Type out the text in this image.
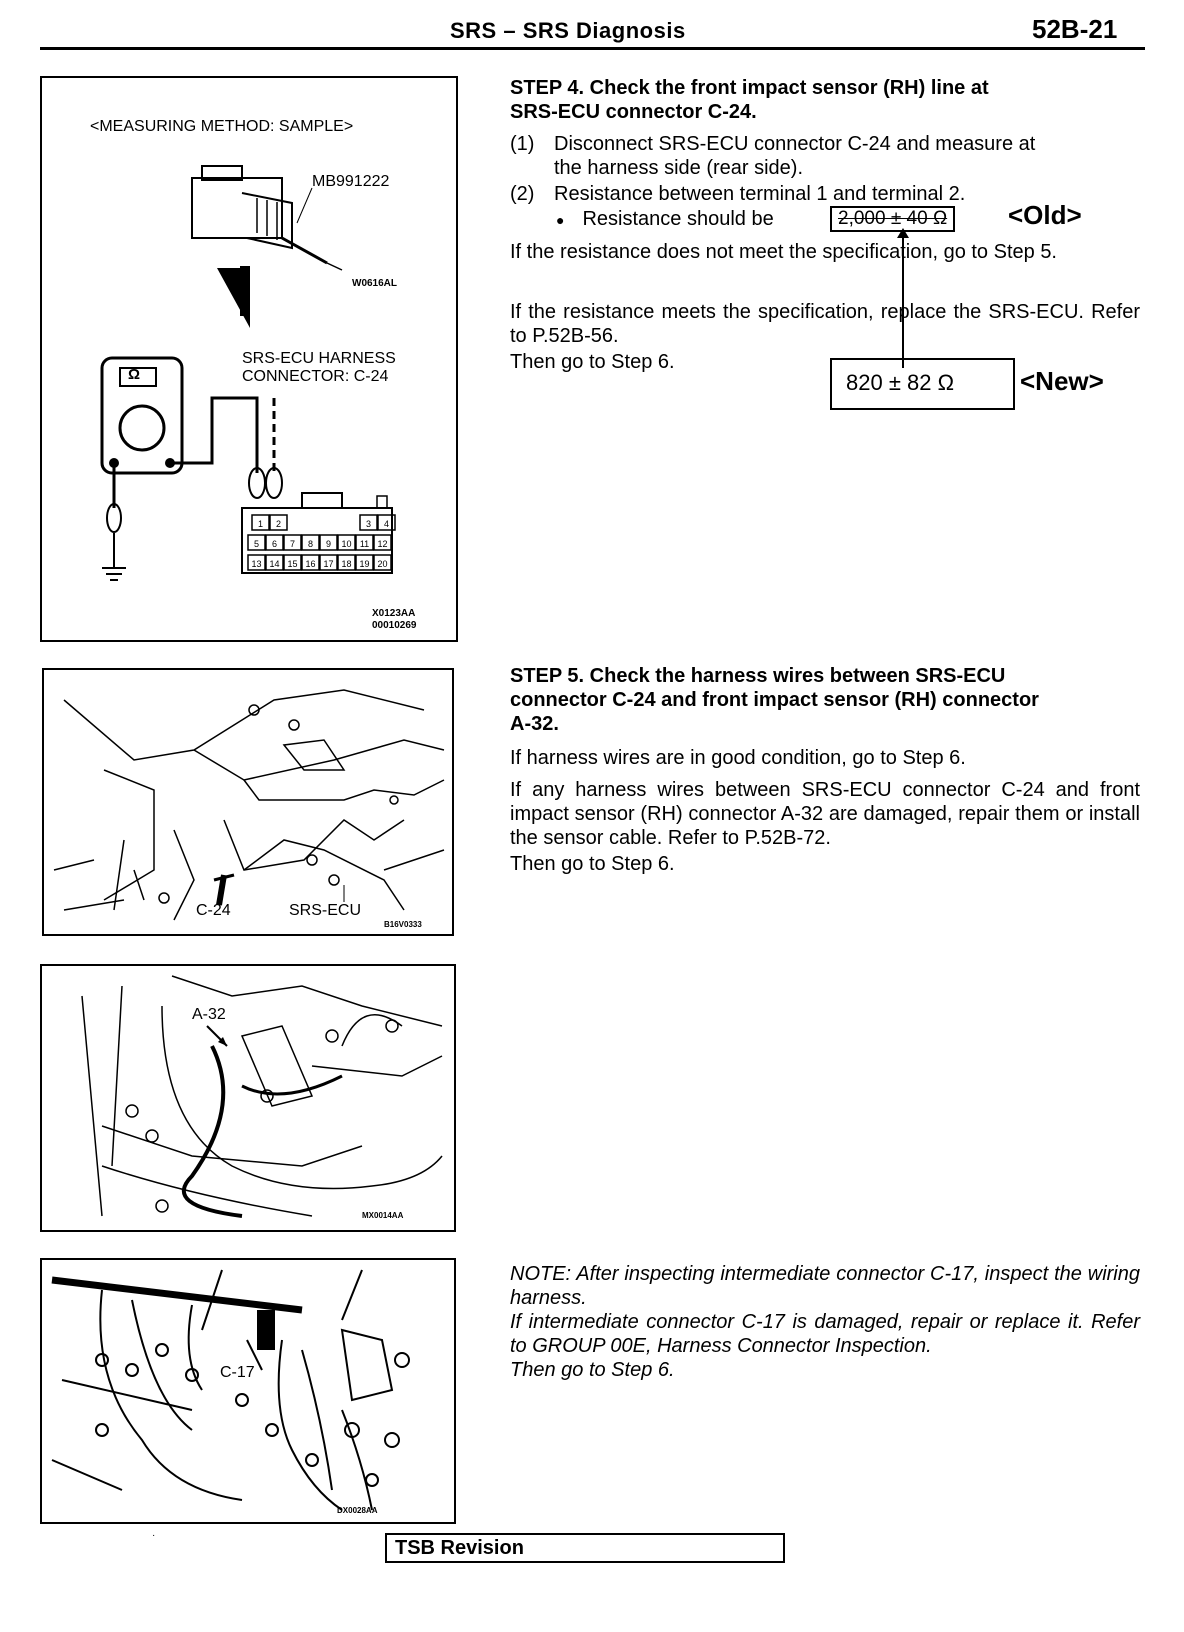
SRS – SRS Diagnosis	52B-21
1 2	3 4
5 6 7 8 9 10 11 12
13 14 15 16 17 18 19 20
<MEASURING METHOD: SAMPLE>
MB991222
W0616AL
SRS-ECU HARNESS
CONNECTOR: C-24
Ω
X0123AA
00010269
STEP 4. Check the front impact sensor (RH) line at
SRS-ECU connector C-24.
(1) Disconnect SRS-ECU connector C-24 and measure at
the harness side (rear side).
(2) Resistance between terminal 1 and terminal 2.
● Resistance should be	2,000 ± 40 Ω	<Old>
If the resistance does not meet the specification, go to Step 5.
If the resistance meets the specification, replace the SRS-ECU. Refer to P.52B-56.
Then go to Step 6.
820 ± 82 Ω	<New>
C-24	SRS-ECU
B16V0333
STEP 5. Check the harness wires between SRS-ECU
connector C-24 and front impact sensor (RH) connector
A-32.
If harness wires are in good condition, go to Step 6.
If any harness wires between SRS-ECU connector C-24 and front impact sensor (RH) connector A-32 are damaged, repair them or install the sensor cable. Refer to P.52B-72.
Then go to Step 6.
A-32
MX0014AA
C-17
DX0028AA
NOTE: After inspecting intermediate connector C-17, inspect the wiring harness.
If intermediate connector C-17 is damaged, repair or replace it. Refer to GROUP 00E, Harness Connector Inspection.
Then go to Step 6.
·
TSB Revision
